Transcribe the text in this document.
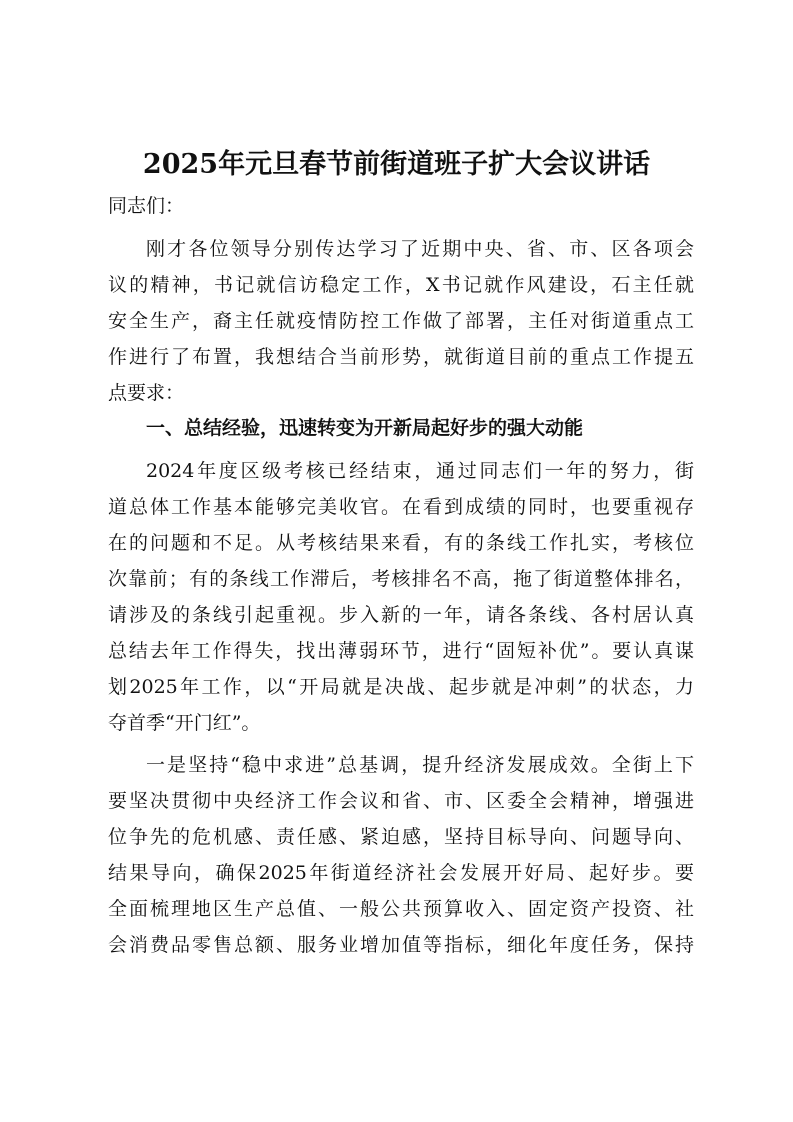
2025年元旦春节前街道班子扩大会议讲话
同志们：
刚才各位领导分别传达学习了近期中央、省、市、区各项会
议的精神，书记就信访稳定工作，X书记就作风建设，石主任就
安全生产，裔主任就疫情防控工作做了部署，主任对街道重点工
作进行了布置，我想结合当前形势，就街道目前的重点工作提五
点要求：
一、总结经验，迅速转变为开新局起好步的强大动能
2024年度区级考核已经结束，通过同志们一年的努力，街
道总体工作基本能够完美收官。在看到成绩的同时，也要重视存
在的问题和不足。从考核结果来看，有的条线工作扎实，考核位
次靠前；有的条线工作滞后，考核排名不高，拖了街道整体排名，
请涉及的条线引起重视。步入新的一年，请各条线、各村居认真
总结去年工作得失，找出薄弱环节，进行“固短补优”。要认真谋
划2025年工作，以“开局就是决战、起步就是冲刺”的状态，力
夺首季“开门红”。
一是坚持“稳中求进”总基调，提升经济发展成效。全街上下
要坚决贯彻中央经济工作会议和省、市、区委全会精神，增强进
位争先的危机感、责任感、紧迫感，坚持目标导向、问题导向、
结果导向，确保2025年街道经济社会发展开好局、起好步。要
全面梳理地区生产总值、一般公共预算收入、固定资产投资、社
会消费品零售总额、服务业增加值等指标，细化年度任务，保持
